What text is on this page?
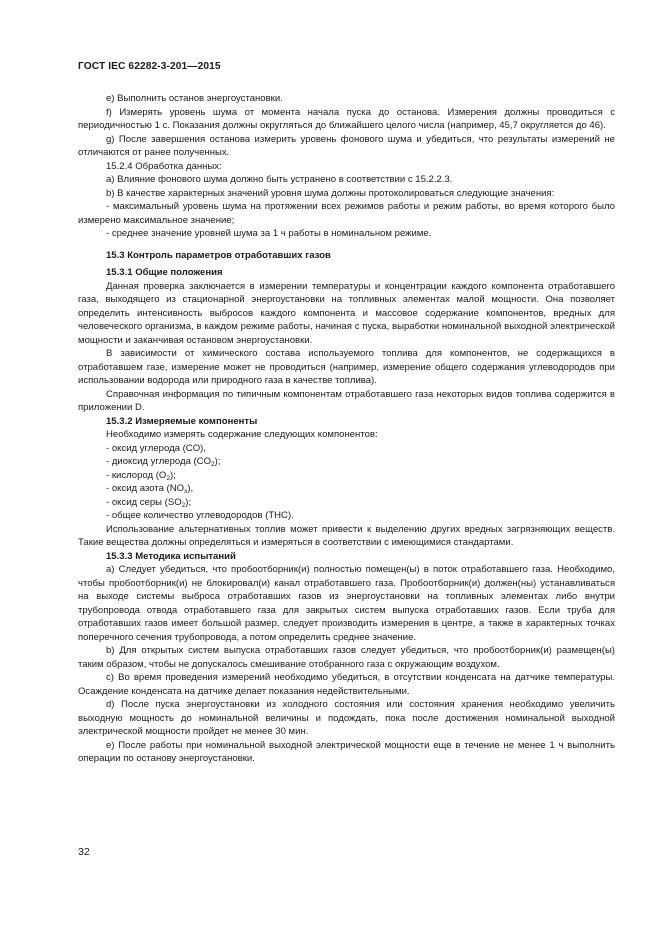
ГОСТ IEC 62282-3-201—2015

e) Выполнить останов энергоустановки.

f) Измерять уровень шума от момента начала пуска до останова. Измерения должны проводиться с периодичностью 1 с. Показания должны округляться до ближайшего целого числа (например, 45,7 округляется до 46).

g) После завершения останова измерить уровень фонового шума и убедиться, что результаты измерений не отличаются от ранее полученных.

15.2.4 Обработка данных:

a) Влияние фонового шума должно быть устранено в соответствии с 15.2.2.3.

b) В качестве характерных значений уровня шума должны протоколироваться следующие значения:

- максимальный уровень шума на протяжении всех режимов работы и режим работы, во время которого было измерено максимальное значение;

- среднее значение уровней шума за 1 ч работы в номинальном режиме.

15.3 Контроль параметров отработавших газов

15.3.1 Общие положения

Данная проверка заключается в измерении температуры и концентрации каждого компонента отработавшего газа, выходящего из стационарной энергоустановки на топливных элементах малой мощности. Она позволяет определить интенсивность выбросов каждого компонента и массовое содержание компонентов, вредных для человеческого организма, в каждом режиме работы, начиная с пуска, выработки номинальной выходной электрической мощности и заканчивая остановом энергоустановки.

В зависимости от химического состава используемого топлива для компонентов, не содержащихся в отработавшем газе, измерение может не проводиться (например, измерение общего содержания углеводородов при использовании водорода или природного газа в качестве топлива).

Справочная информация по типичным компонентам отработавшего газа некоторых видов топлива содержится в приложении D.

15.3.2 Измеряемые компоненты

Необходимо измерять содержание следующих компонентов:

- оксид углерода (CO),

- диоксид углерода $(CO_2)$;

- кислород $(O_2)$;

- оксид азота $(NO_x)$,

- оксид серы $(SO_2)$;

- общее количество углеводородов (THC).

Использование альтернативных топлив может привести к выделению других вредных загрязняющих веществ. Такие вещества должны определяться и измеряться в соответствии с имеющимися стандартами.

15.3.3 Методика испытаний

a) Следует убедиться, что пробоотборник(и) полностью помещен(ы) в поток отработавшего газа. Необходимо, чтобы пробоотборник(и) не блокировал(и) канал отработавшего газа. Пробоотборник(и) должен(ны) устанавливаться на выходе системы выброса отработавших газов из энергоустановки на топливных элементах либо внутри трубопровода отвода отработавшего газа для закрытых систем выпуска отработавших газов. Если труба для отработавших газов имеет большой размер, следует производить измерения в центре, а также в характерных точках поперечного сечения трубопровода, а потом определить среднее значение.

b) Для открытых систем выпуска отработавших газов следует убедиться, что пробоотборник(и) размещен(ы) таким образом, чтобы не допускалось смешивание отобранного газа с окружающим воздухом.

c) Во время проведения измерений необходимо убедиться, в отсутствии конденсата на датчике температуры. Осаждение конденсата на датчике делает показания недействительными.

d) После пуска энергоустановки из холодного состояния или состояния хранения необходимо увеличить выходную мощность до номинальной величины и подождать, пока после достижения номинальной выходной электрической мощности пройдет не менее 30 мин.

e) После работы при номинальной выходной электрической мощности еще в течение не менее 1 ч выполнить операции по останову энергоустановки.

32
